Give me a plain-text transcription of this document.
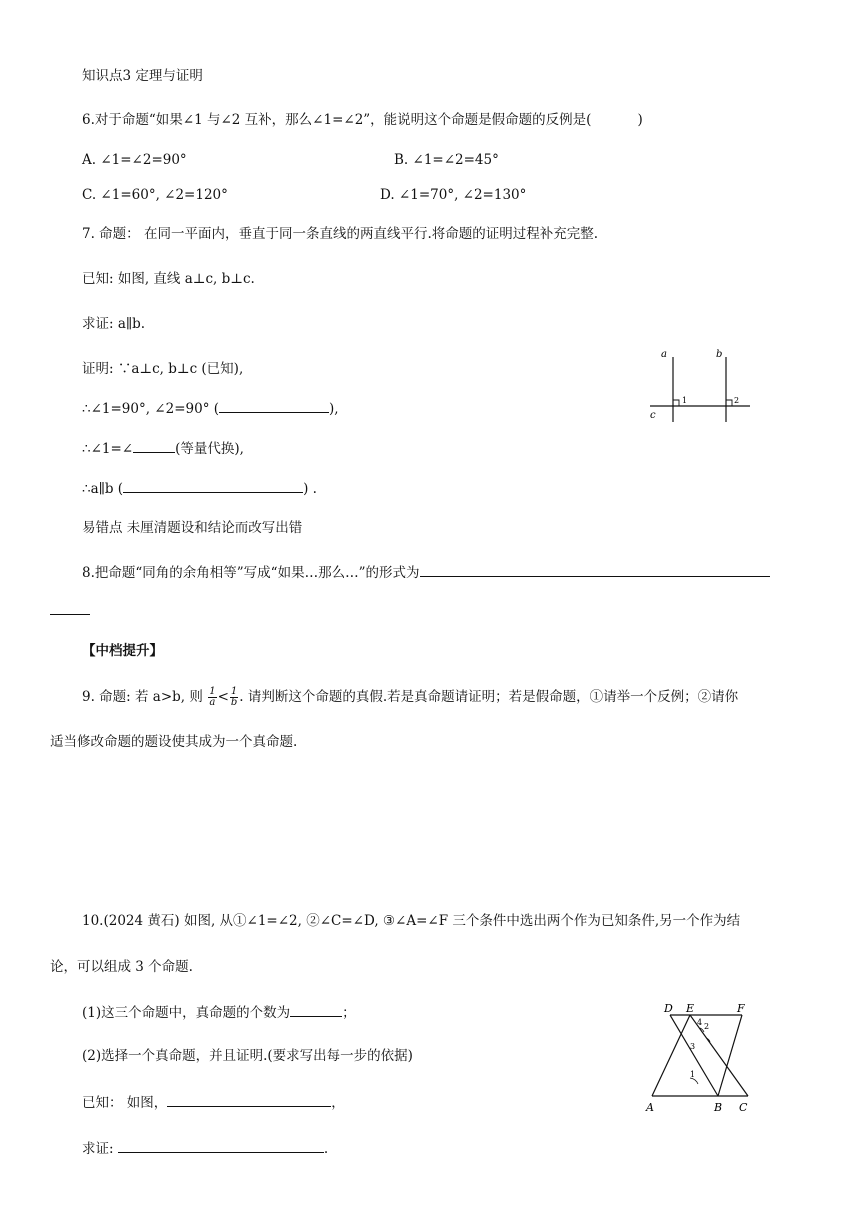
知识点3 定理与证明
6.对于命题“如果∠1 与∠2 互补，那么∠1=∠2”，能说明这个命题是假命题的反例是(	)
A. ∠1=∠2=90°	B. ∠1=∠2=45°
C. ∠1=60°, ∠2=120°	D. ∠1=70°, ∠2=130°
7. 命题： 在同一平面内，垂直于同一条直线的两直线平行.将命题的证明过程补充完整.
已知: 如图, 直线 a⊥c, b⊥c.
求证: a∥b.
证明: ∵a⊥c, b⊥c (已知),
∴∠1=90°, ∠2=90° (	),
∴∠1=∠	(等量代换),
∴a∥b (	) .
a	b
c
1	2
易错点 未厘清题设和结论而改写出错
8.把命题“同角的余角相等”写成“如果…那么…”的形式为
【中档提升】
9. 命题: 若 a>b, 则 $\frac{1}{a} < \frac{1}{b}$ . 请判断这个命题的真假.若是真命题请证明；若是假命题，①请举一个反例；②请你
适当修改命题的题设使其成为一个真命题.
10.(2024 黄石) 如图, 从①∠1=∠2, ②∠C=∠D, ③∠A=∠F 三个条件中选出两个作为已知条件,另一个作为结
论，可以组成 3 个命题.
(1)这三个命题中，真命题的个数为	；
(2)选择一个真命题，并且证明.(要求写出每一步的依据)
已知： 如图，	，
求证:	.
D E	F
A	B C
1
2
3
4
